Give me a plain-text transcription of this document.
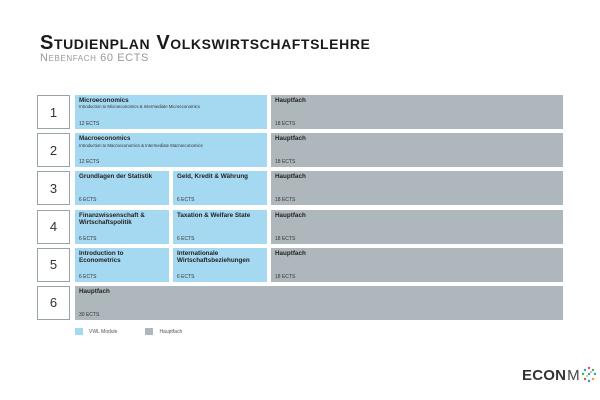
Studienplan Volkswirtschaftslehre
Nebenfach 60 ECTS
1
Microeconomics
Introduction to Microeconomics & Intermediate Microeconomics
12 ECTS
Hauptfach
18 ECTS
2
Macroeconomics
Introduction to Macroeconomics & Intermediate Macroeconomics
12 ECTS
Hauptfach
18 ECTS
3
Grundlagen der Statistik
6 ECTS
Geld, Kredit & Währung
6 ECTS
Hauptfach
18 ECTS
4
Finanzwissenschaft & Wirtschaftspolitik
6 ECTS
Taxation & Welfare State
6 ECTS
Hauptfach
18 ECTS
5
Introduction to Econometrics
6 ECTS
Internationale Wirtschaftsbeziehungen
6 ECTS
Hauptfach
18 ECTS
6
Hauptfach
30 ECTS
VWL Module	Hauptfach
ECON M
